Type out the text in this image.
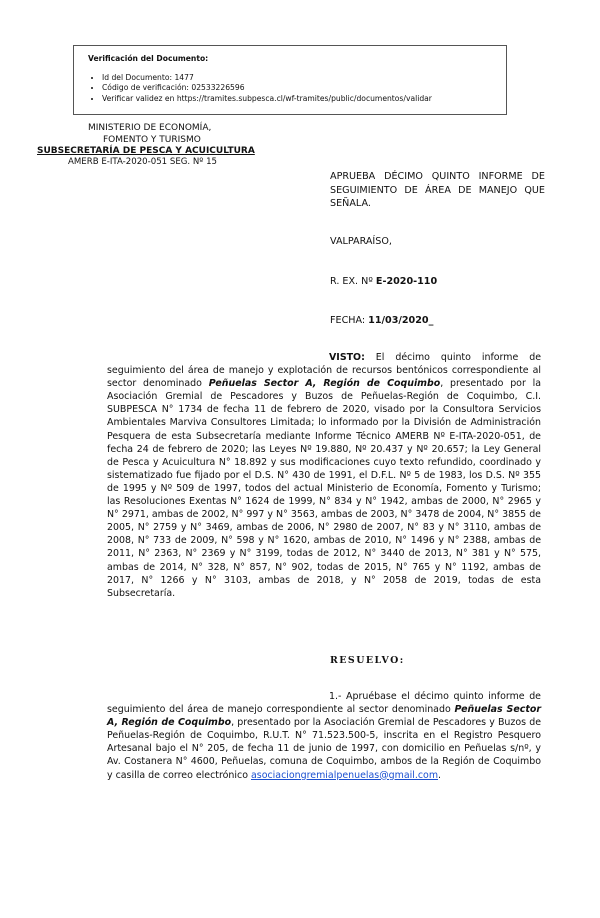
Verificación del Documento:
• Id del Documento: 1477
• Código de verificación: 02533226596
• Verificar validez en https://tramites.subpesca.cl/wf-tramites/public/documentos/validar
MINISTERIO DE ECONOMÍA,
FOMENTO Y TURISMO
SUBSECRETARÍA DE PESCA Y ACUICULTURA
AMERB E-ITA-2020-051 SEG. Nº 15
APRUEBA DÉCIMO QUINTO INFORME DE SEGUIMIENTO DE ÁREA DE MANEJO QUE SEÑALA.
VALPARAÍSO,
R. EX. Nº E-2020-110
FECHA: 11/03/2020_
VISTO: El décimo quinto informe de seguimiento del área de manejo y explotación de recursos bentónicos correspondiente al sector denominado Peñuelas Sector A, Región de Coquimbo, presentado por la Asociación Gremial de Pescadores y Buzos de Peñuelas-Región de Coquimbo, C.I. SUBPESCA N° 1734 de fecha 11 de febrero de 2020, visado por la Consultora Servicios Ambientales Marviva Consultores Limitada; lo informado por la División de Administración Pesquera de esta Subsecretaría mediante Informe Técnico AMERB Nº E-ITA-2020-051, de fecha 24 de febrero de 2020; las Leyes Nº 19.880, Nº 20.437 y Nº 20.657; la Ley General de Pesca y Acuicultura N° 18.892 y sus modificaciones cuyo texto refundido, coordinado y sistematizado fue fijado por el D.S. N° 430 de 1991, el D.F.L. Nº 5 de 1983, los D.S. Nº 355 de 1995 y Nº 509 de 1997, todos del actual Ministerio de Economía, Fomento y Turismo; las Resoluciones Exentas N° 1624 de 1999, N° 834 y N° 1942, ambas de 2000, N° 2965 y N° 2971, ambas de 2002, N° 997 y N° 3563, ambas de 2003, N° 3478 de 2004, N° 3855 de 2005, N° 2759 y N° 3469, ambas de 2006, N° 2980 de 2007, N° 83 y N° 3110, ambas de 2008, N° 733 de 2009, N° 598 y N° 1620, ambas de 2010, N° 1496 y N° 2388, ambas de 2011, N° 2363, N° 2369 y N° 3199, todas de 2012, N° 3440 de 2013, N° 381 y N° 575, ambas de 2014, N° 328, N° 857, N° 902, todas de 2015, N° 765 y N° 1192, ambas de 2017, N° 1266 y N° 3103, ambas de 2018, y N° 2058 de 2019, todas de esta Subsecretaría.
RESUELVO:
1.- Apruébase el décimo quinto informe de seguimiento del área de manejo correspondiente al sector denominado Peñuelas Sector A, Región de Coquimbo, presentado por la Asociación Gremial de Pescadores y Buzos de Peñuelas-Región de Coquimbo, R.U.T. N° 71.523.500-5, inscrita en el Registro Pesquero Artesanal bajo el N° 205, de fecha 11 de junio de 1997, con domicilio en Peñuelas s/nº, y Av. Costanera N° 4600, Peñuelas, comuna de Coquimbo, ambos de la Región de Coquimbo y casilla de correo electrónico asociaciongremialpenuelas@gmail.com.
